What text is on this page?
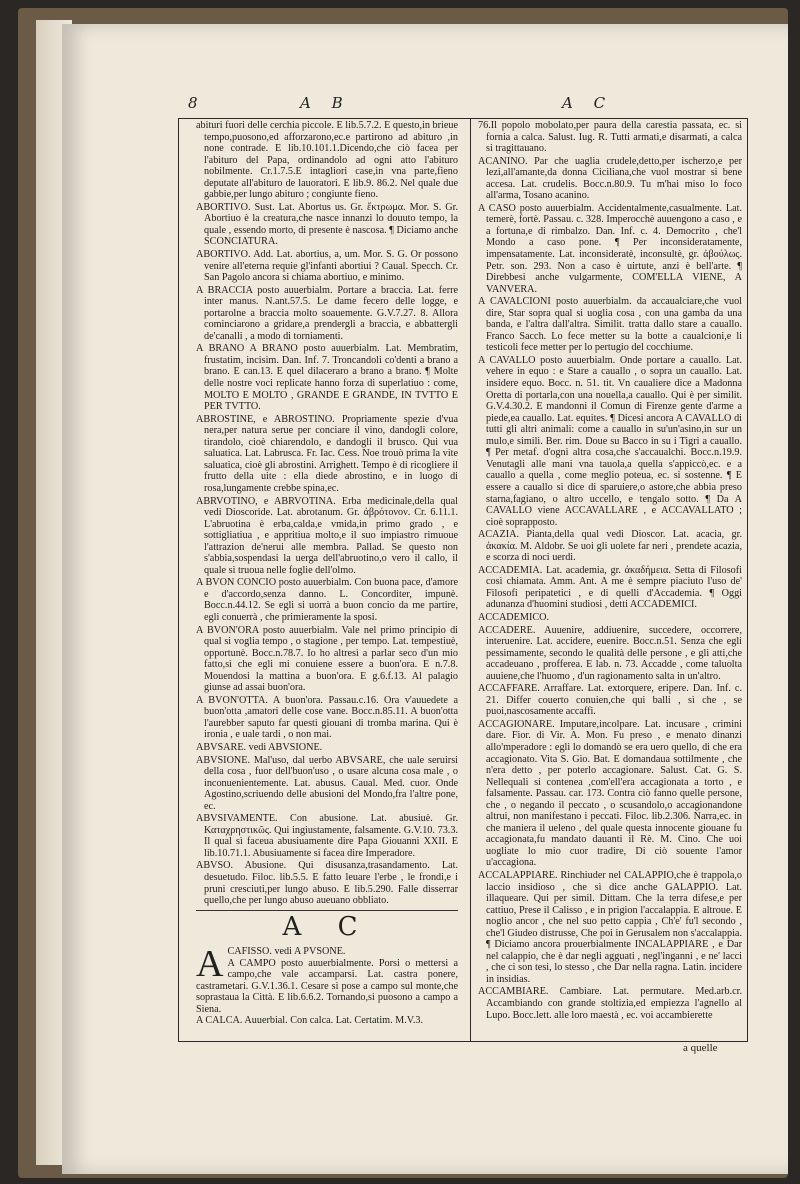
8	A B	A C

abituri fuori delle cerchia piccole. E lib.5.7.2. E questo,in brieue tempo,puosono,ed afforzarono,ec.e partirono ad abituro ,in none contrade. E lib.10.101.1.Dicendo,che ciò facea per l'abituro del Papa, ordinandolo ad ogni atto l'abituro nobilmente. Cr.1.7.5.E intagliori case,in vna parte,fieno deputate all'abituro de lauoratori. E lib.9. 86.2. Nel quale due gabbie,per lungo abituro ; congiunte fieno.

ABORTIVO. Sust. Lat. Abortus us. Gr. ἔκτρωμα. Mor. S. Gr. Abortiuo è la creatura,che nasce innanzi lo douuto tempo, la quale , essendo morto, di presente è nascosa. ¶ Diciamo anche SCONCIATURA.

ABORTIVO. Add. Lat. abortius, a, um. Mor. S. G. Or possono venire all'eterna requie gl'infanti abortiui ? Caual. Specch. Cr. San Pagolo ancora si chiama abortiuo, e minimo.

A BRACCIA posto auuerbialm. Portare a braccia. Lat. ferre inter manus. N.ant.57.5. Le dame fecero delle logge, e portarolne a braccia molto soauemente. G.V.7.27. 8. Allora cominciarono a gridare,a prendergli a braccia, e abbattergli de'canalli , a modo di torniamenti.

A BRANO A BRANO posto auuerbialm. Lat. Membratim, frustatim, incisim. Dan. Inf. 7. Troncandoli co'denti a brano a brano. E can.13. E quel dilaceraro a brano a brano. ¶ Molte delle nostre voci replicate hanno forza di superlatiuo : come, MOLTO E MOLTO , GRANDE E GRANDE, IN TVTTO E PER TVTTO.

ABROSTINE, e ABROSTINO. Propriamente spezie d'vua nera,per natura serue per conciare il vino, dandogli colore, tirandolo, cioè chiarendolo, e dandogli il brusco. Qui vua saluatica. Lat. Labrusca. Fr. Iac. Cess. Noe trouò prima la vite saluatica, cioè gli abrostini. Arrighett. Tempo è di ricogliere il frutto della uite : ella diede abrostino, e in luogo di rosa,lungamente crebbe spina,ec.

ABRVOTINO, e ABRVOTINA. Erba medicinale,della qual vedi Dioscoride. Lat. abrotanum. Gr. ἀβρότονον. Cr. 6.11.1. L'abruotina è erba,calda,e vmida,in primo grado , e sottigliatiua , e appritiua molto,e il suo impiastro rimuoue l'attrazion de'nerui alle membra. Pallad. Se questo non s'abbia,sospendasi la uerga dell'abruotino,o vero il callo, il quale si truoua nelle foglie dell'olmo.

A BVON CONCIO posto auuerbialm. Con buona pace, d'amore e d'accordo,senza danno. L. Concorditer, impunè. Bocc.n.44.12. Se egli si uorrà a buon concio da me partire, egli conuerrà , che primieramente la sposi.

A BVON'ORA posto auuerbialm. Vale nel primo principio di qual si voglia tempo , o stagione , per tempo. Lat. tempestiuè, opportunè. Bocc.n.78.7. Io ho altresì a parlar seco d'un mio fatto,sì che egli mi conuiene essere a buon'ora. E n.7.8. Mouendosi la mattina a buon'ora. E g.6.f.13. Al palagio giunse ad assai buon'ora.

A BVON'OTTA. A buon'ora. Passau.c.16. Ora v'auuedete a buon'otta ,amatori delle cose vane. Bocc.n.85.11. A buon'otta l'aurebber saputo far questi giouani di tromba marina. Qui è ironia , e uale tardi , o non mai.

ABVSARE. vedi ABVSIONE.

ABVSIONE. Mal'uso, dal uerbo ABVSARE, che uale seruirsi della cosa , fuor dell'buon'uso , o usare alcuna cosa male , o inconuenientemente. Lat. abusus. Caual. Med. cuor. Onde Agostino,scriuendo delle abusioni del Mondo,fra l'altre pone, ec.

ABVSIVAMENTE. Con abusione. Lat. abusiuè. Gr. Καταχρηστικῶς. Qui ingiustamente, falsamente. G.V.10. 73.3. Il qual sì faceua abusiuamente dire Papa Giouanni XXII. E lib.10.71.1. Abusiuamente si facea dire Imperadore.

ABVSO. Abusione. Qui disusanza,trasandamento. Lat. desuetudo. Filoc. lib.5.5. E fatto leuare l'erbe , le frondi,e i pruni cresciuti,per lungo abuso. E lib.5.290. Falle disserrar quello,che per lungo abuso aueuano obbliato.

A C
A CAFISSO. vedi A PVSONE.

A CAMPO posto auuerbialmente. Porsi o mettersi a campo,che vale accamparsi. Lat. castra ponere, castrametari. G.V.1.36.1. Cesare si pose a campo sul monte,che soprastaua la Città. E lib.6.6.2. Tornando,si puosono a campo a Siena.

A CALCA. Auuerbial. Con calca. Lat. Certatim. M.V.3.

76.Il popolo mobolato,per paura della carestia passata, ec. si fornia a calca. Salust. Iug. R. Tutti armati,e disarmati, a calca si tragittauano.

ACANINO. Par che uaglia crudele,detto,per ischerzo,e per lezi,all'amante,da donna Ciciliana,che vuol mostrar si bene accesa. Lat. crudelis. Bocc.n.80.9. Tu m'hai miso lo foco all'arma, Tosano acanino.

A CASO posto auuerbialm. Accidentalmente,casualmente. Lat. temerè, fortè. Passau. c. 328. Imperocchè auuengono a caso , e a fortuna,e di rimbalzo. Dan. Inf. c. 4. Democrito , che'l Mondo a caso pone. ¶ Per inconsideratamente, impensatamente. Lat. inconsideratè, inconsultè, gr. ἀβούλως. Petr. son. 293. Non a caso è uirtute, anzi è bell'arte. ¶ Direbbesi anche vulgarmente, COM'ELLA VIENE, A VANVERA.

A CAVALCIONI posto auuerbialm. da accaualciare,che vuol dire, Star sopra qual si uoglia cosa , con una gamba da una banda, e l'altra dall'altra. Similit. tratta dallo stare a cauallo. Franco Sacch. Lo fece metter su la botte a caualcioni,e li testicoli fece metter per lo pertugio del cocchiume.

A CAVALLO posto auuerbialm. Onde portare a cauallo. Lat. vehere in equo : e Stare a cauallo , o sopra un cauallo. Lat. insidere equo. Bocc. n. 51. tit. Vn caualiere dice a Madonna Oretta di portarla,con una nouella,a cauallo. Qui è per similit. G.V.4.30.2. E mandonni il Comun di Firenze gente d'arme a piede,ea cauallo. Lat. equites. ¶ Dicesi ancora A CAVALLO di tutti gli altri animali: come a cauallo in su'un'asino,in sur un mulo,e simili. Ber. rim. Doue su Bacco in su i Tigri a cauallo. ¶ Per metaf. d'ogni altra cosa,che s'accaualchi. Bocc.n.19.9. Venutagli alle mani vna tauola,a quella s'appiccò,ec. e a cauallo a quella , come meglio poteua, ec. si sostenne. ¶ E essere a cauallo si dice di sparuiere,o astore,che abbia preso starna,fagiano, o altro uccello, e tengalo sotto. ¶ Da A CAVALLO viene ACCAVALLARE , e ACCAVALLATO ; cioè soprapposto.

ACAZIA. Pianta,della qual vedi Dioscor. Lat. acacia, gr. ἀκακία. M. Aldobr. Se uoi gli uolete far neri , prendete acazia, e scorza di noci uerdi.

ACCADEMIA. Lat. academia, gr. ἀκαδήμεια. Setta di Filosofi così chiamata. Amm. Ant. A me è sempre piaciuto l'uso de' Filosofi peripatetici , e di quelli d'Accademia. ¶ Oggi adunanza d'huomini studiosi , detti ACCADEMICI.

ACCADEMICO.

ACCADERE. Auuenire, addiuenire, succedere, occorrere, interuenire. Lat. accidere, euenire. Bocc.n.51. Senza che egli pessimamente, secondo le qualità delle persone , e gli atti,che accadeuano , profferea. E lab. n. 73. Accadde , come taluolta auuiene,che l'huomo , d'un ragionamento salta in un'altro.

ACCAFFARE. Arraffare. Lat. extorquere, eripere. Dan. Inf. c. 21. Differ couerto conuien,che qui balli , sì che , se puoi,nascosamente accaffi.

ACCAGIONARE. Imputare,incolpare. Lat. incusare , crimini dare. Fior. di Vir. A. Mon. Fu preso , e menato dinanzi allo'mperadore : egli lo domandò se era uero quello, di che era accagionato. Vita S. Gio. Bat. E domandaua sottilmente , che n'era detto , per poterlo accagionare. Salust. Cat. G. S. Nellequali si contenea ,com'ell'era accagionata a torto , e falsamente. Passau. car. 173. Contra ciò fanno quelle persone, che , o negando il peccato , o scusandolo,o accagionandone altrui, non manifestano i peccati. Filoc. lib.2.306. Narra,ec. in che maniera il ueleno , del quale questa innocente giouane fu accagionata,fu mandato dauanti il Rè. M. Cino. Che uoi uogliate lo mio cuor tradire, Di ciò souente l'amor u'accagiona.

ACCALAPPIARE. Rinchiuder nel CALAPPIO,che è trappola,o laccio insidioso , che sì dice anche GALAPPIO. Lat. illaqueare. Qui per simil. Dittam. Che la terra difese,e per cattiuo, Prese il Calisso , e in prigion l'accalappia. E altroue. E noglio ancor , che nel suo petto cappia , Ch'e' fu'l secondo , che'l Giudeo distrusse, Che poi in Gerusalem non s'accalappia. ¶ Diciamo ancora prouerbialmente INCALAPPIARE , e Dar nel calappio, che è dar negli agguati , negl'inganni , e ne' lacci , che ci son tesi, lo stesso , che Dar nella ragna. Latin. incidere in insidias.

ACCAMBIARE. Cambiare. Lat. permutare. Med.arb.cr. Accambiando con grande stoltizia,ed empiezza l'agnello al Lupo. Bocc.lett. alle loro maestà , ec. voi accambierette

a quelle
